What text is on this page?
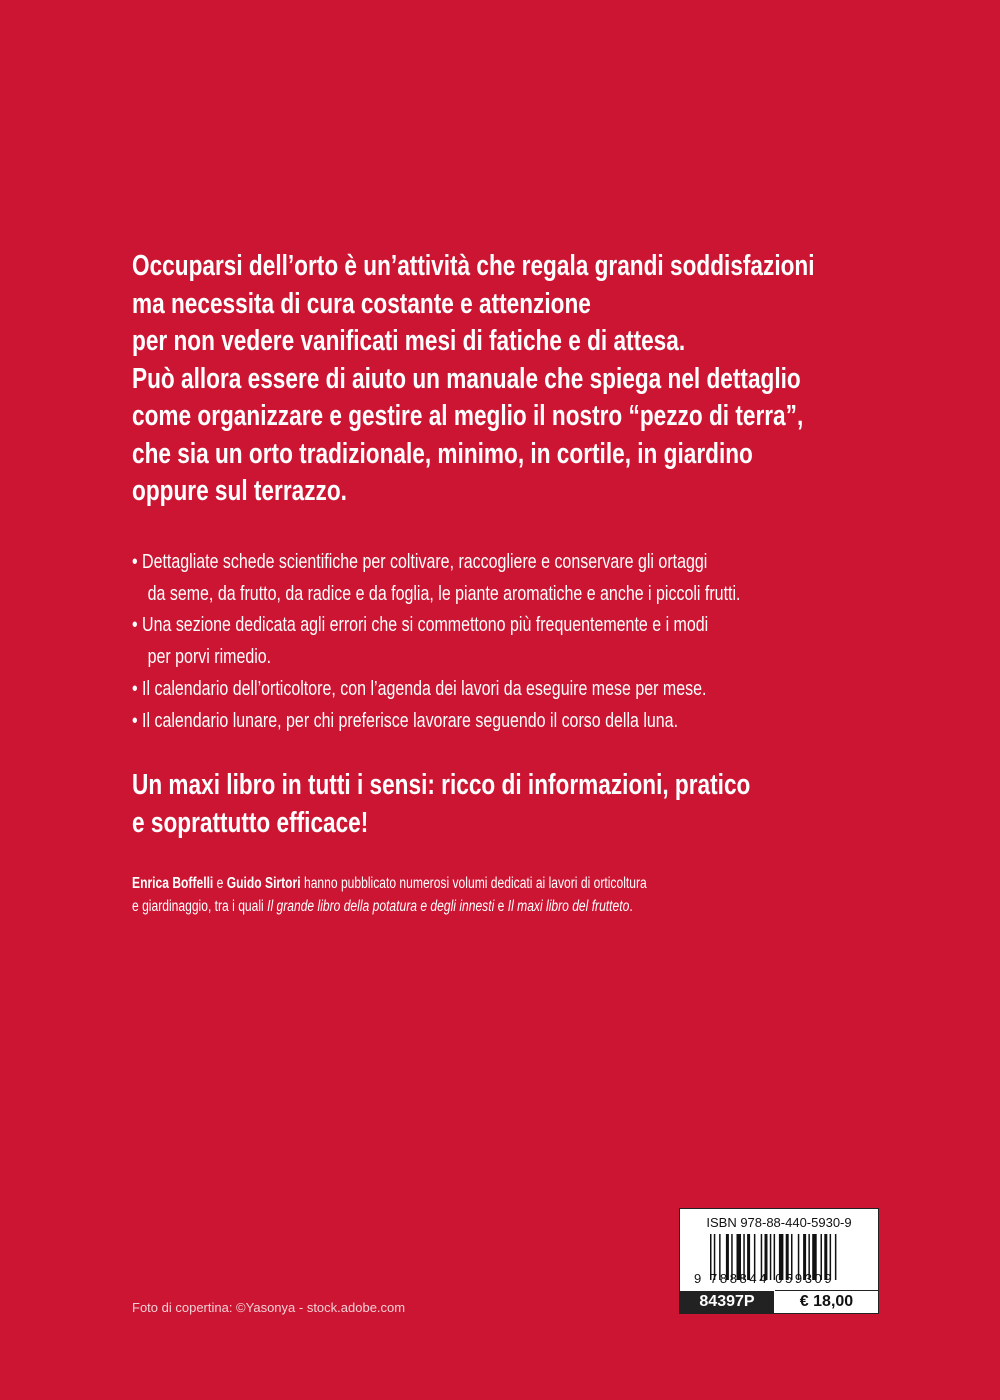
Occuparsi dell’orto è un’attività che regala grandi soddisfazioni
ma necessita di cura costante e attenzione
per non vedere vanificati mesi di fatiche e di attesa.
Può allora essere di aiuto un manuale che spiega nel dettaglio
come organizzare e gestire al meglio il nostro “pezzo di terra”,
che sia un orto tradizionale, minimo, in cortile, in giardino
oppure sul terrazzo.
• Dettagliate schede scientifiche per coltivare, raccogliere e conservare gli ortaggi
da seme, da frutto, da radice e da foglia, le piante aromatiche e anche i piccoli frutti.
• Una sezione dedicata agli errori che si commettono più frequentemente e i modi
per porvi rimedio.
• Il calendario dell’orticoltore, con l’agenda dei lavori da eseguire mese per mese.
• Il calendario lunare, per chi preferisce lavorare seguendo il corso della luna.
Un maxi libro in tutti i sensi: ricco di informazioni, pratico
e soprattutto efficace!
Enrica Boffelli e Guido Sirtori hanno pubblicato numerosi volumi dedicati ai lavori di orticoltura
e giardinaggio, tra i quali Il grande libro della potatura e degli innesti e Il maxi libro del frutteto.
Foto di copertina: ©Yasonya - stock.adobe.com
ISBN 978-88-440-5930-9
9 788844 059309
84397P	€ 18,00
